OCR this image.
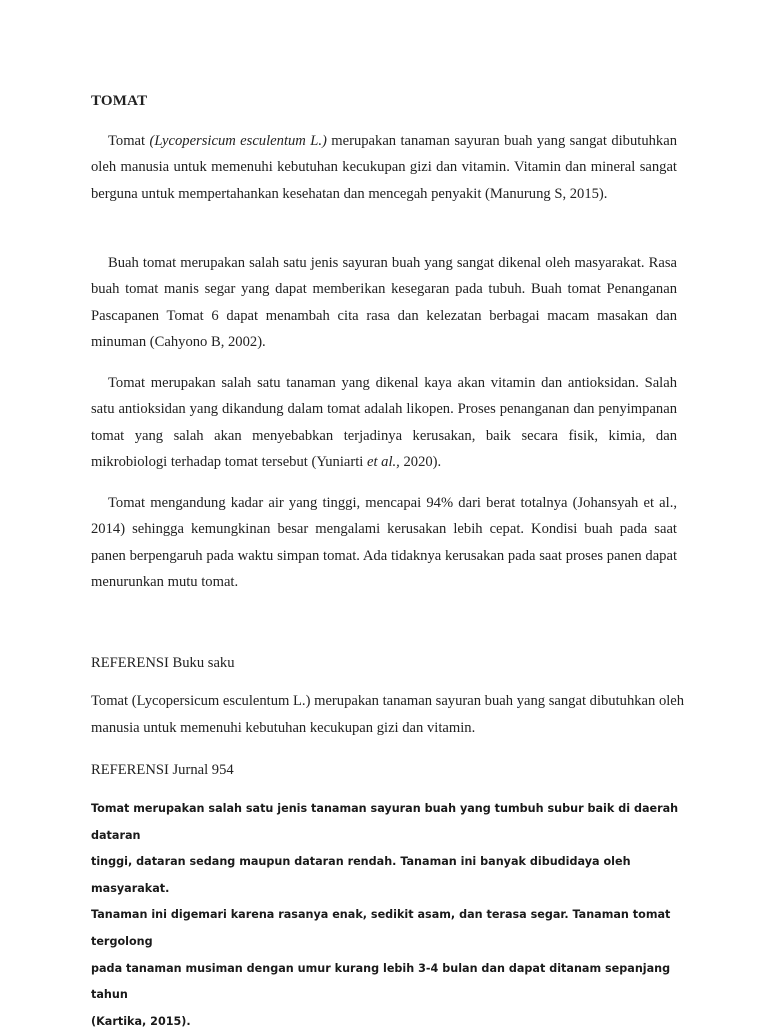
TOMAT

Tomat (Lycopersicum esculentum L.) merupakan tanaman sayuran buah yang sangat dibutuhkan oleh manusia untuk memenuhi kebutuhan kecukupan gizi dan vitamin. Vitamin dan mineral sangat berguna untuk mempertahankan kesehatan dan mencegah penyakit (Manurung S, 2015).

Buah tomat merupakan salah satu jenis sayuran buah yang sangat dikenal oleh masyarakat. Rasa buah tomat manis segar yang dapat memberikan kesegaran pada tubuh. Buah tomat Penanganan Pascapanen Tomat 6 dapat menambah cita rasa dan kelezatan berbagai macam masakan dan minuman (Cahyono B, 2002).

Tomat merupakan salah satu tanaman yang dikenal kaya akan vitamin dan antioksidan. Salah satu antioksidan yang dikandung dalam tomat adalah likopen. Proses penanganan dan penyimpanan tomat yang salah akan menyebabkan terjadinya kerusakan, baik secara fisik, kimia, dan mikrobiologi terhadap tomat tersebut (Yuniarti et al., 2020).

Tomat mengandung kadar air yang tinggi, mencapai 94% dari berat totalnya (Johansyah et al., 2014) sehingga kemungkinan besar mengalami kerusakan lebih cepat. Kondisi buah pada saat panen berpengaruh pada waktu simpan tomat. Ada tidaknya kerusakan pada saat proses panen dapat menurunkan mutu tomat.

REFERENSI Buku saku

Tomat (Lycopersicum esculentum L.) merupakan tanaman sayuran buah yang sangat dibutuhkan oleh manusia untuk memenuhi kebutuhan kecukupan gizi dan vitamin.

REFERENSI Jurnal 954
Tomat merupakan salah satu jenis tanaman sayuran buah yang tumbuh subur baik di daerah dataran
tinggi, dataran sedang maupun dataran rendah. Tanaman ini banyak dibudidaya oleh masyarakat.
Tanaman ini digemari karena rasanya enak, sedikit asam, dan terasa segar. Tanaman tomat tergolong
pada tanaman musiman dengan umur kurang lebih 3-4 bulan dan dapat ditanam sepanjang tahun
(Kartika, 2015).
